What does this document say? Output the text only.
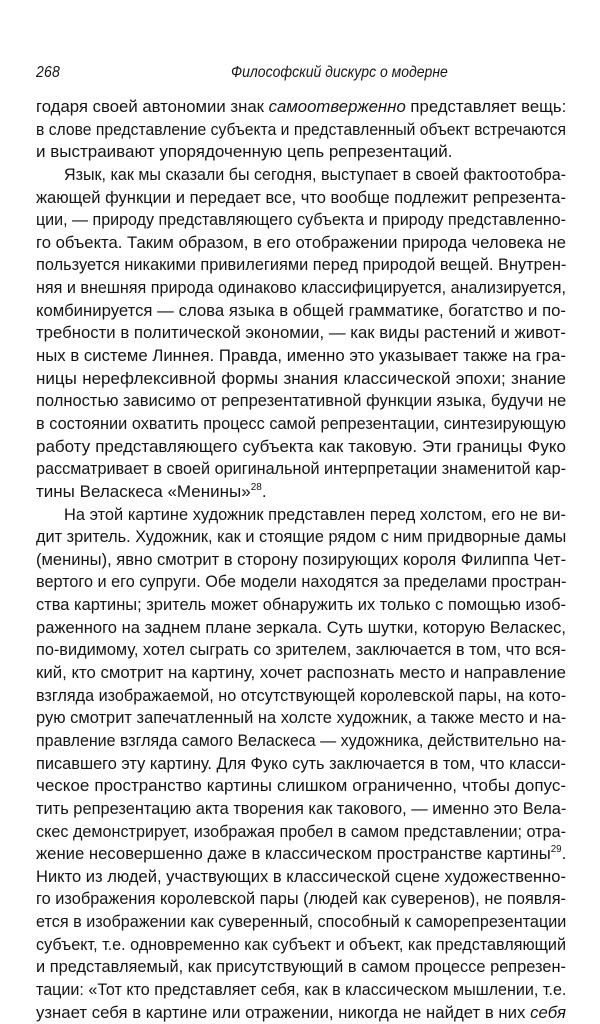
268	Философский дискурс о модерне
годаря своей автономии знак самоотверженно представляет вещь:
в слове представление субъекта и представленный объект встречаются
и выстраивают упорядоченную цепь репрезентаций.
Язык, как мы сказали бы сегодня, выступает в своей фактоотобра-
жающей функции и передает все, что вообще подлежит репрезента-
ции, — природу представляющего субъекта и природу представленно-
го объекта. Таким образом, в его отображении природа человека не
пользуется никакими привилегиями перед природой вещей. Внутрен-
няя и внешняя природа одинаково классифицируется, анализируется,
комбинируется — слова языка в общей грамматике, богатство и по-
требности в политической экономии, — как виды растений и живот-
ных в системе Линнея. Правда, именно это указывает также на гра-
ницы нерефлексивной формы знания классической эпохи; знание
полностью зависимо от репрезентативной функции языка, будучи не
в состоянии охватить процесс самой репрезентации, синтезирующую
работу представляющего субъекта как таковую. Эти границы Фуко
рассматривает в своей оригинальной интерпретации знаменитой кар-
тины Веласкеса «Менины»$^{28}$.
На этой картине художник представлен перед холстом, его не ви-
дит зритель. Художник, как и стоящие рядом с ним придворные дамы
(менины), явно смотрит в сторону позирующих короля Филиппа Чет-
вертого и его супруги. Обе модели находятся за пределами простран-
ства картины; зритель может обнаружить их только с помощью изоб-
раженного на заднем плане зеркала. Суть шутки, которую Веласкес,
по-видимому, хотел сыграть со зрителем, заключается в том, что вся-
кий, кто смотрит на картину, хочет распознать место и направление
взгляда изображаемой, но отсутствующей королевской пары, на кото-
рую смотрит запечатленный на холсте художник, а также место и на-
правление взгляда самого Веласкеса — художника, действительно на-
писавшего эту картину. Для Фуко суть заключается в том, что класси-
ческое пространство картины слишком ограниченно, чтобы допус-
тить репрезентацию акта творения как такового, — именно это Вела-
скес демонстрирует, изображая пробел в самом представлении; отра-
жение несовершенно даже в классическом пространстве картины$^{29}$.
Никто из людей, участвующих в классической сцене художественно-
го изображения королевской пары (людей как суверенов), не появля-
ется в изображении как суверенный, способный к саморепрезентации
субъект, т.е. одновременно как субъект и объект, как представляющий
и представляемый, как присутствующий в самом процессе репрезен-
тации: «Тот кто представляет себя, как в классическом мышлении, т.е.
узнает себя в картине или отражении, никогда не найдет в них себя
